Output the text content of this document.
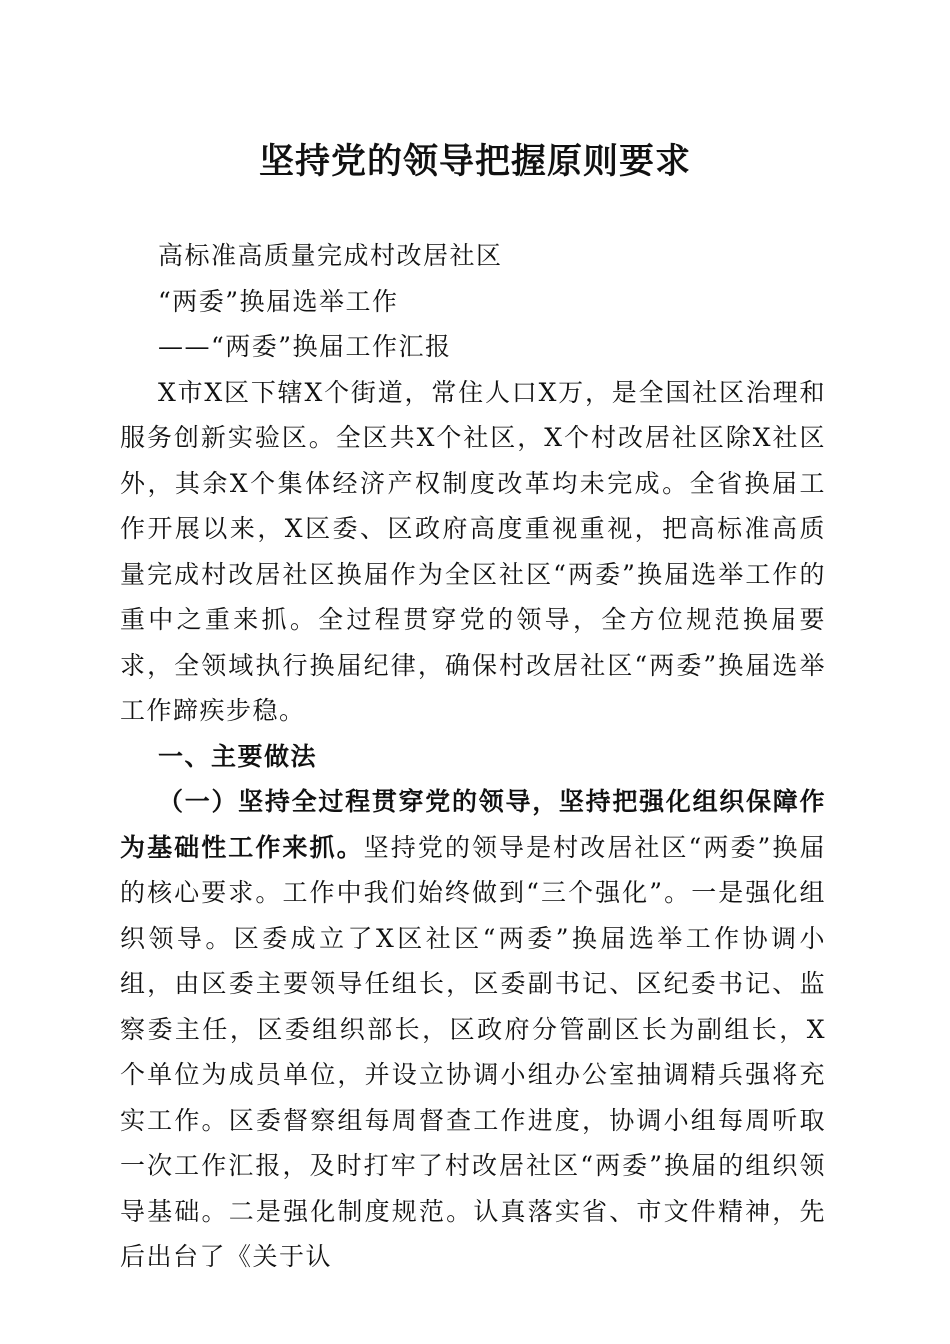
坚持党的领导把握原则要求
高标准高质量完成村改居社区
“两委”换届选举工作
——“两委”换届工作汇报

X市X区下辖X个街道，常住人口X万，是全国社区治理和服务创新实验区。全区共X个社区，X个村改居社区除X社区外，其余X个集体经济产权制度改革均未完成。全省换届工作开展以来，X区委、区政府高度重视重视，把高标准高质量完成村改居社区换届作为全区社区“两委”换届选举工作的重中之重来抓。全过程贯穿党的领导，全方位规范换届要求，全领域执行换届纪律，确保村改居社区“两委”换届选举工作蹄疾步稳。

一、主要做法

（一）坚持全过程贯穿党的领导，坚持把强化组织保障作为基础性工作来抓。坚持党的领导是村改居社区“两委”换届的核心要求。工作中我们始终做到“三个强化”。一是强化组织领导。区委成立了X区社区“两委”换届选举工作协调小组，由区委主要领导任组长，区委副书记、区纪委书记、监察委主任，区委组织部长，区政府分管副区长为副组长，X个单位为成员单位，并设立协调小组办公室抽调精兵强将充实工作。区委督察组每周督查工作进度，协调小组每周听取一次工作汇报，及时打牢了村改居社区“两委”换届的组织领导基础。二是强化制度规范。认真落实省、市文件精神，先后出台了《关于认
